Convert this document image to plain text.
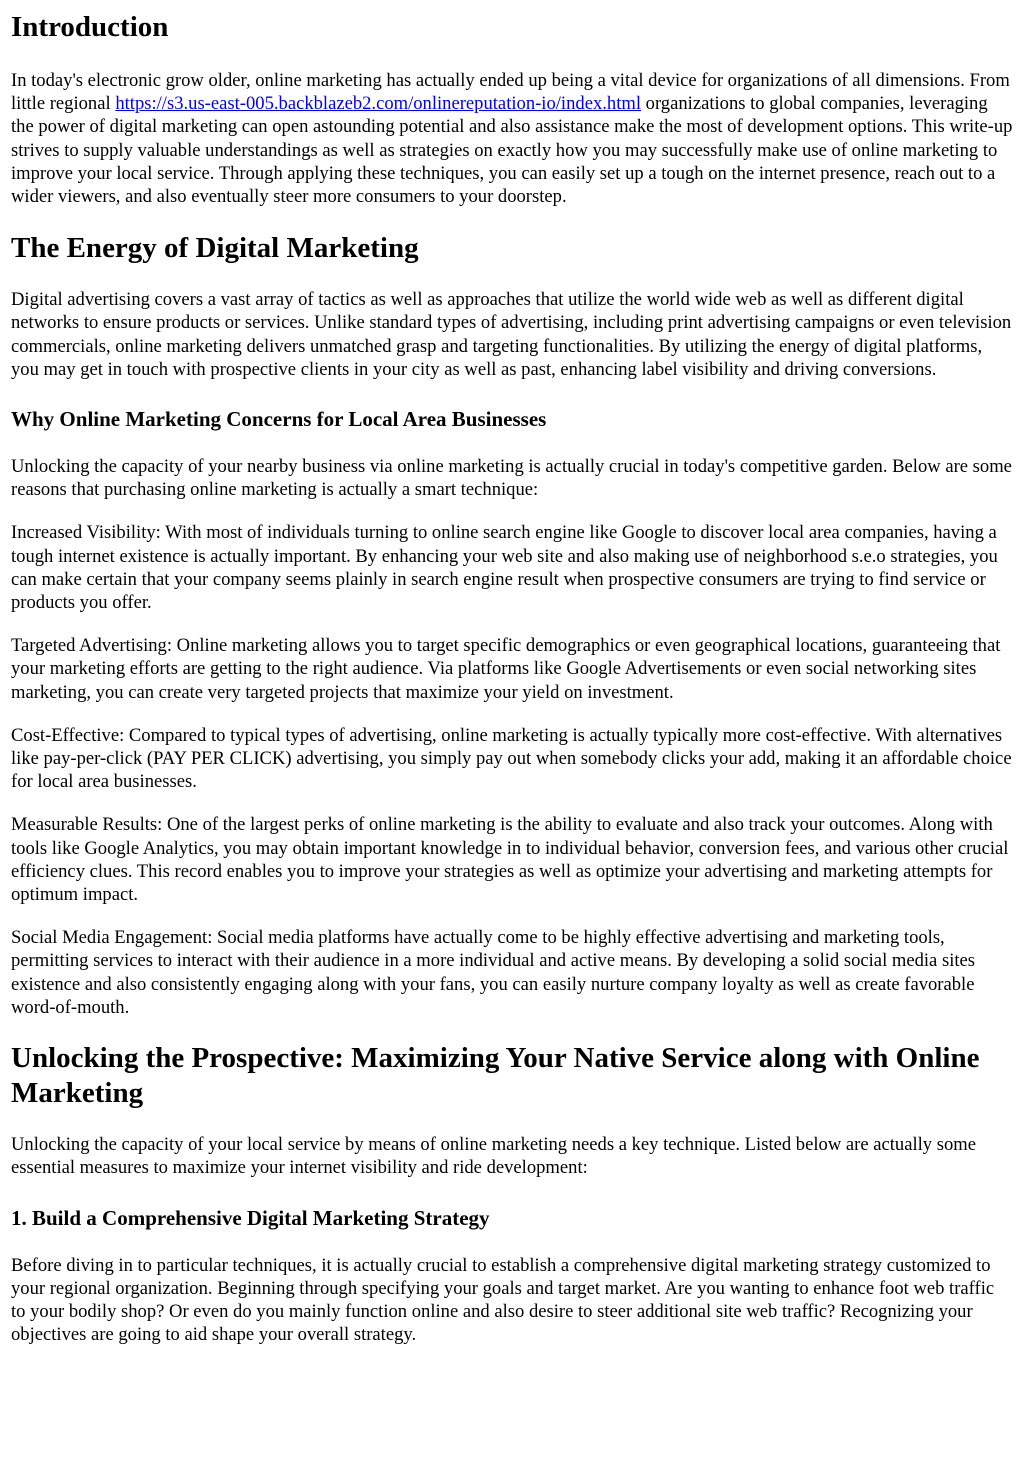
Introduction

In today's electronic grow older, online marketing has actually ended up being a vital device for organizations of all dimensions. From little regional https://s3.us-east-005.backblazeb2.com/onlinereputation-io/index.html organizations to global companies, leveraging the power of digital marketing can open astounding potential and also assistance make the most of development options. This write-up strives to supply valuable understandings as well as strategies on exactly how you may successfully make use of online marketing to improve your local service. Through applying these techniques, you can easily set up a tough on the internet presence, reach out to a wider viewers, and also eventually steer more consumers to your doorstep.

The Energy of Digital Marketing

Digital advertising covers a vast array of tactics as well as approaches that utilize the world wide web as well as different digital networks to ensure products or services. Unlike standard types of advertising, including print advertising campaigns or even television commercials, online marketing delivers unmatched grasp and targeting functionalities. By utilizing the energy of digital platforms, you may get in touch with prospective clients in your city as well as past, enhancing label visibility and driving conversions.

Why Online Marketing Concerns for Local Area Businesses

Unlocking the capacity of your nearby business via online marketing is actually crucial in today's competitive garden. Below are some reasons that purchasing online marketing is actually a smart technique:

Increased Visibility: With most of individuals turning to online search engine like Google to discover local area companies, having a tough internet existence is actually important. By enhancing your web site and also making use of neighborhood s.e.o strategies, you can make certain that your company seems plainly in search engine result when prospective consumers are trying to find service or products you offer.

Targeted Advertising: Online marketing allows you to target specific demographics or even geographical locations, guaranteeing that your marketing efforts are getting to the right audience. Via platforms like Google Advertisements or even social networking sites marketing, you can create very targeted projects that maximize your yield on investment.

Cost-Effective: Compared to typical types of advertising, online marketing is actually typically more cost-effective. With alternatives like pay-per-click (PAY PER CLICK) advertising, you simply pay out when somebody clicks your add, making it an affordable choice for local area businesses.

Measurable Results: One of the largest perks of online marketing is the ability to evaluate and also track your outcomes. Along with tools like Google Analytics, you may obtain important knowledge in to individual behavior, conversion fees, and various other crucial efficiency clues. This record enables you to improve your strategies as well as optimize your advertising and marketing attempts for optimum impact.

Social Media Engagement: Social media platforms have actually come to be highly effective advertising and marketing tools, permitting services to interact with their audience in a more individual and active means. By developing a solid social media sites existence and also consistently engaging along with your fans, you can easily nurture company loyalty as well as create favorable word-of-mouth.

Unlocking the Prospective: Maximizing Your Native Service along with Online Marketing

Unlocking the capacity of your local service by means of online marketing needs a key technique. Listed below are actually some essential measures to maximize your internet visibility and ride development:

1. Build a Comprehensive Digital Marketing Strategy

Before diving in to particular techniques, it is actually crucial to establish a comprehensive digital marketing strategy customized to your regional organization. Beginning through specifying your goals and target market. Are you wanting to enhance foot web traffic to your bodily shop? Or even do you mainly function online and also desire to steer additional site web traffic? Recognizing your objectives are going to aid shape your overall strategy.
